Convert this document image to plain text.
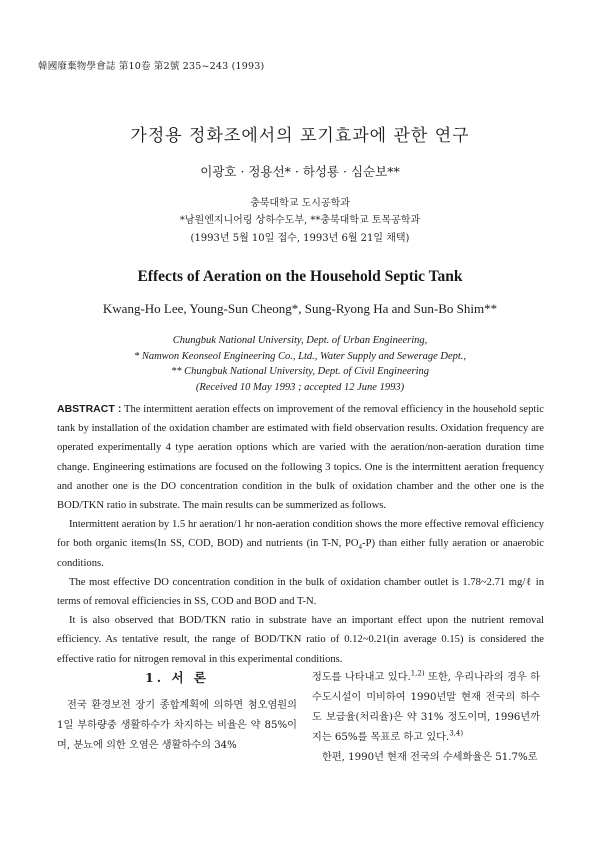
韓國廢棄物學會誌 第10卷 第2號 235~243 (1993)
가정용 정화조에서의 포기효과에 관한 연구
이광호 · 정용선* · 하성룡 · 심순보**
충북대학교 도시공학과
*남원엔지니어링 상하수도부, **충북대학교 토목공학과
(1993년 5월 10일 접수, 1993년 6월 21일 채택)
Effects of Aeration on the Household Septic Tank
Kwang-Ho Lee, Young-Sun Cheong*, Sung-Ryong Ha and Sun-Bo Shim**
Chungbuk National University, Dept. of Urban Engineering,
* Namwon Keonseol Engineering Co., Ltd., Water Supply and Sewerage Dept.,
** Chungbuk National University, Dept. of Civil Engineering
(Received 10 May 1993 ; accepted 12 June 1993)

ABSTRACT : The intermittent aeration effects on improvement of the removal efficiency in the household septic tank by installation of the oxidation chamber are estimated with field observation results. Oxidation frequency are operated experimentally 4 type aeration options which are varied with the aeration/non-aeration duration time change. Engineering estimations are focused on the following 3 topics. One is the intermittent aeration frequency and another one is the DO concentration condition in the bulk of oxidation chamber and the other one is the BOD/TKN ratio in substrate. The main results can be summerized as follows.

Intermittent aeration by 1.5 hr aeration/1 hr non-aeration condition shows the more effective removal efficiency for both organic items(In SS, COD, BOD) and nutrients (in T-N, $PO_4-P$) than either fully aeration or anaerobic conditions.

The most effective DO concentration condition in the bulk of oxidation chamber outlet is 1.78~2.71 mg/ℓ in terms of removal efficiencies in SS, COD and BOD and T-N.

It is also observed that BOD/TKN ratio in substrate have an important effect upon the nutrient removal efficiency. As tentative result, the range of BOD/TKN ratio of 0.12~0.21(in average 0.15) is considered the effective ratio for nitrogen removal in this experimental conditions.

1. 서 론

전국 환경보전 장기 종합계획에 의하면 첨오염원의 1일 부하량중 생활하수가 차지하는 비율은 약 85%이며, 분뇨에 의한 오염은 생활하수의 34%

정도를 나타내고 있다.$^{1,2)}$ 또한, 우리나라의 경우 하수도시설이 미비하여 1990년말 현재 전국의 하수도 보급율(처리율)은 약 31% 정도이며, 1996년까지는 65%를 목표로 하고 있다.$^{3,4)}$

한편, 1990년 현재 전국의 수세화율은 51.7%로
